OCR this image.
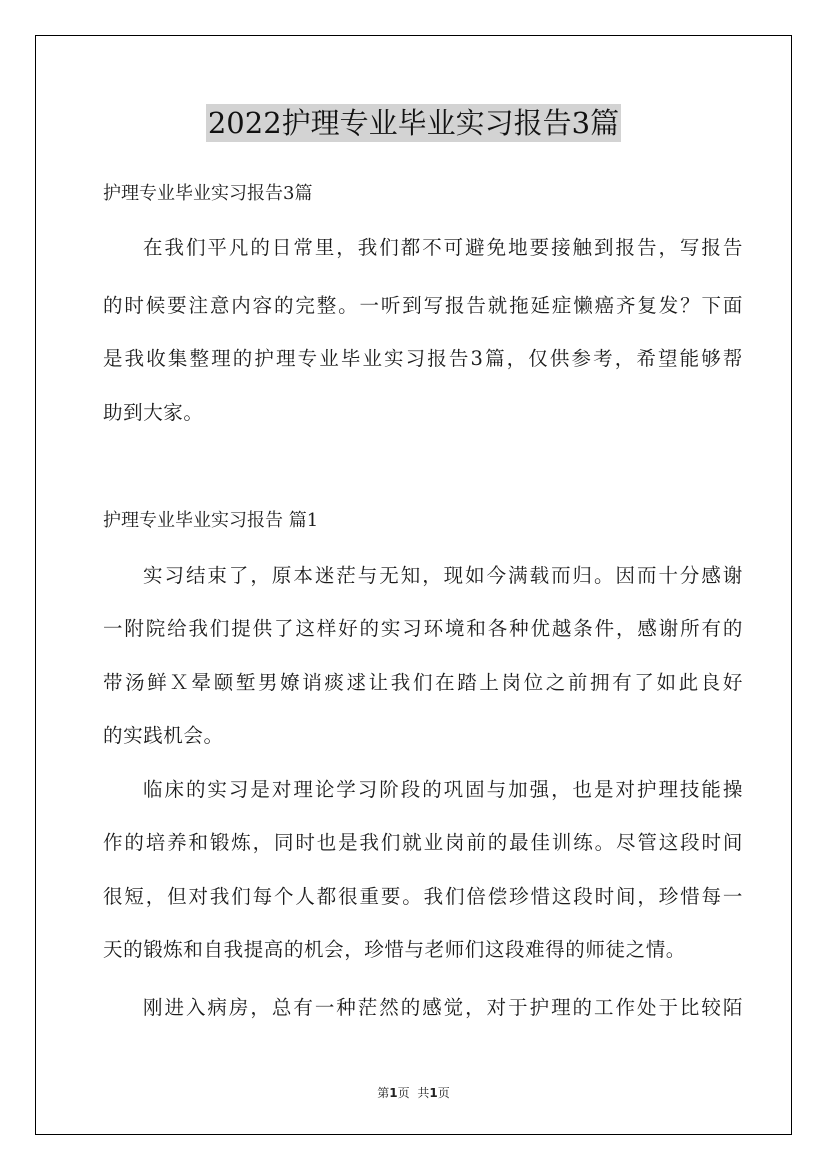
2022护理专业毕业实习报告3篇
护理专业毕业实习报告3篇
在我们平凡的日常里，我们都不可避免地要接触到报告，写报告
的时候要注意内容的完整。一听到写报告就拖延症懒癌齐复发？下面
是我收集整理的护理专业毕业实习报告3篇，仅供参考，希望能够帮
助到大家。
护理专业毕业实习报告 篇1
实习结束了，原本迷茫与无知，现如今满载而归。因而十分感谢
一附院给我们提供了这样好的实习环境和各种优越条件，感谢所有的
带汤鲜Ｘ晕颐堑男嫽诮痰逑让我们在踏上岗位之前拥有了如此良好
的实践机会。
临床的实习是对理论学习阶段的巩固与加强，也是对护理技能操
作的培养和锻炼，同时也是我们就业岗前的最佳训练。尽管这段时间
很短，但对我们每个人都很重要。我们倍偿珍惜这段时间，珍惜每一
天的锻炼和自我提高的机会，珍惜与老师们这段难得的师徒之情。
刚进入病房，总有一种茫然的感觉，对于护理的工作处于比较陌
第1页 共1页
